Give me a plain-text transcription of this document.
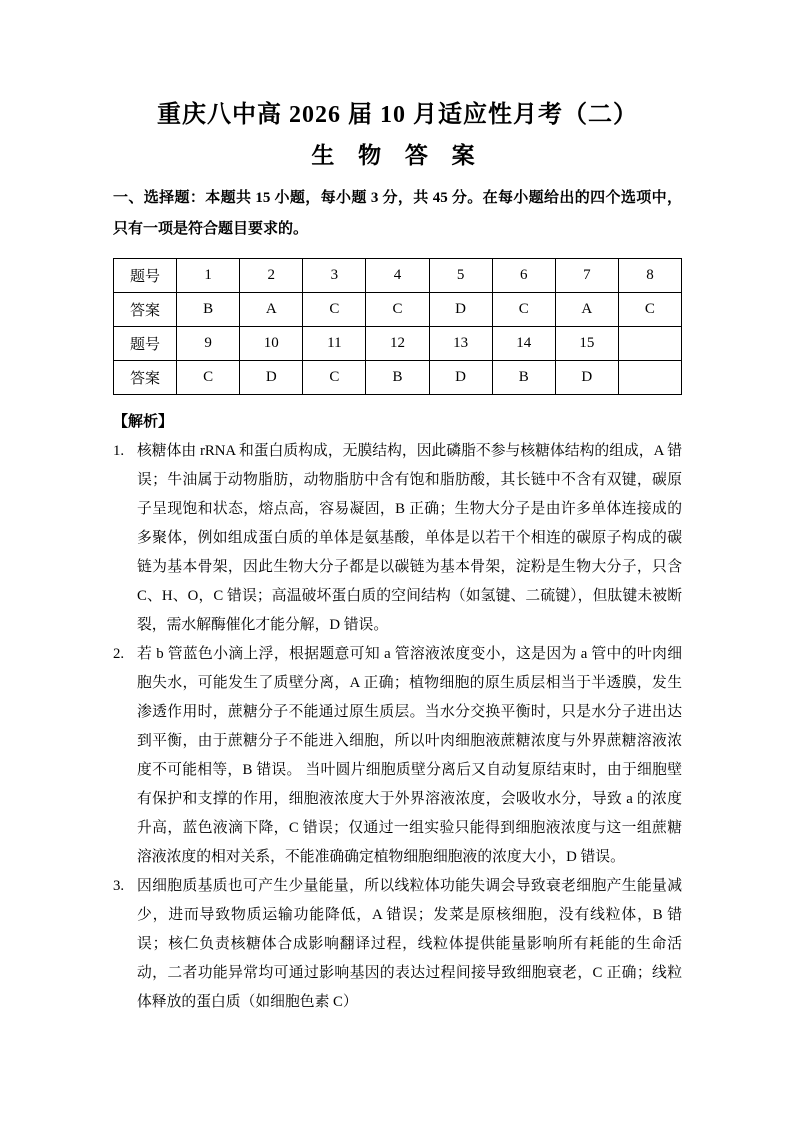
重庆八中高 2026 届 10 月适应性月考（二）
生 物 答 案

一、选择题：本题共 15 小题，每小题 3 分，共 45 分。在每小题给出的四个选项中，只有一项是符合题目要求的。

题号	1	2	3	4	5	6	7	8
答案	B	A	C	C	D	C	A	C
题号	9	10	11	12	13	14	15	
答案	C	D	C	B	D	B	D	
【解析】
1. 核糖体由 rRNA 和蛋白质构成，无膜结构，因此磷脂不参与核糖体结构的组成，A 错误；牛油属于动物脂肪，动物脂肪中含有饱和脂肪酸，其长链中不含有双键，碳原子呈现饱和状态，熔点高，容易凝固，B 正确；生物大分子是由许多单体连接成的多聚体，例如组成蛋白质的单体是氨基酸，单体是以若干个相连的碳原子构成的碳链为基本骨架，因此生物大分子都是以碳链为基本骨架，淀粉是生物大分子，只含 C、H、O，C 错误；高温破坏蛋白质的空间结构（如氢键、二硫键），但肽键未被断裂，需水解酶催化才能分解，D 错误。
2. 若 b 管蓝色小滴上浮，根据题意可知 a 管溶液浓度变小，这是因为 a 管中的叶肉细胞失水，可能发生了质壁分离，A 正确；植物细胞的原生质层相当于半透膜，发生渗透作用时，蔗糖分子不能通过原生质层。当水分交换平衡时，只是水分子进出达到平衡，由于蔗糖分子不能进入细胞，所以叶肉细胞液蔗糖浓度与外界蔗糖溶液浓度不可能相等，B 错误。 当叶圆片细胞质壁分离后又自动复原结束时，由于细胞壁有保护和支撑的作用，细胞液浓度大于外界溶液浓度，会吸收水分，导致 a 的浓度升高，蓝色液滴下降，C 错误；仅通过一组实验只能得到细胞液浓度与这一组蔗糖溶液浓度的相对关系，不能准确确定植物细胞细胞液的浓度大小，D 错误。
3. 因细胞质基质也可产生少量能量，所以线粒体功能失调会导致衰老细胞产生能量减少，进而导致物质运输功能降低，A 错误；发菜是原核细胞，没有线粒体，B 错误；核仁负责核糖体合成影响翻译过程，线粒体提供能量影响所有耗能的生命活动，二者功能异常均可通过影响基因的表达过程间接导致细胞衰老，C 正确；线粒体释放的蛋白质（如细胞色素 C）
